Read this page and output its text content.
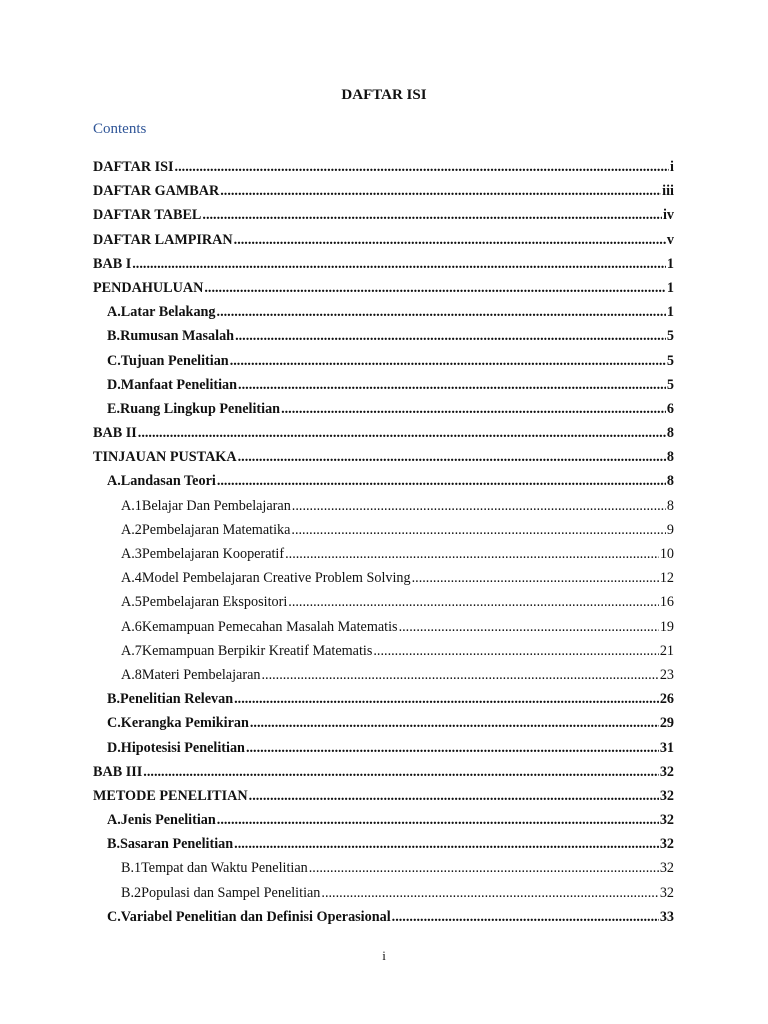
DAFTAR ISI
Contents
DAFTAR ISI .....	i
DAFTAR GAMBAR .....	iii
DAFTAR TABEL .....	iv
DAFTAR LAMPIRAN .....	v
BAB I .....	1
PENDAHULUAN .....	1
A. Latar Belakang .....	1
B. Rumusan Masalah .....	5
C. Tujuan Penelitian .....	5
D. Manfaat Penelitian .....	5
E. Ruang Lingkup Penelitian .....	6
BAB II .....	8
TINJAUAN PUSTAKA .....	8
A. Landasan Teori .....	8
A.1 Belajar Dan Pembelajaran .....	8
A.2 Pembelajaran Matematika .....	9
A.3 Pembelajaran Kooperatif .....	10
A.4 Model Pembelajaran Creative Problem Solving .....	12
A.5 Pembelajaran Ekspositori .....	16
A.6 Kemampuan Pemecahan Masalah Matematis .....	19
A.7 Kemampuan Berpikir Kreatif Matematis .....	21
A.8 Materi Pembelajaran .....	23
B. Penelitian Relevan .....	26
C. Kerangka Pemikiran .....	29
D. Hipotesisi Penelitian .....	31
BAB III .....	32
METODE PENELITIAN .....	32
A. Jenis Penelitian .....	32
B. Sasaran Penelitian .....	32
B.1 Tempat dan Waktu Penelitian .....	32
B.2 Populasi dan Sampel Penelitian .....	32
C. Variabel Penelitian dan Definisi Operasional .....	33
i
